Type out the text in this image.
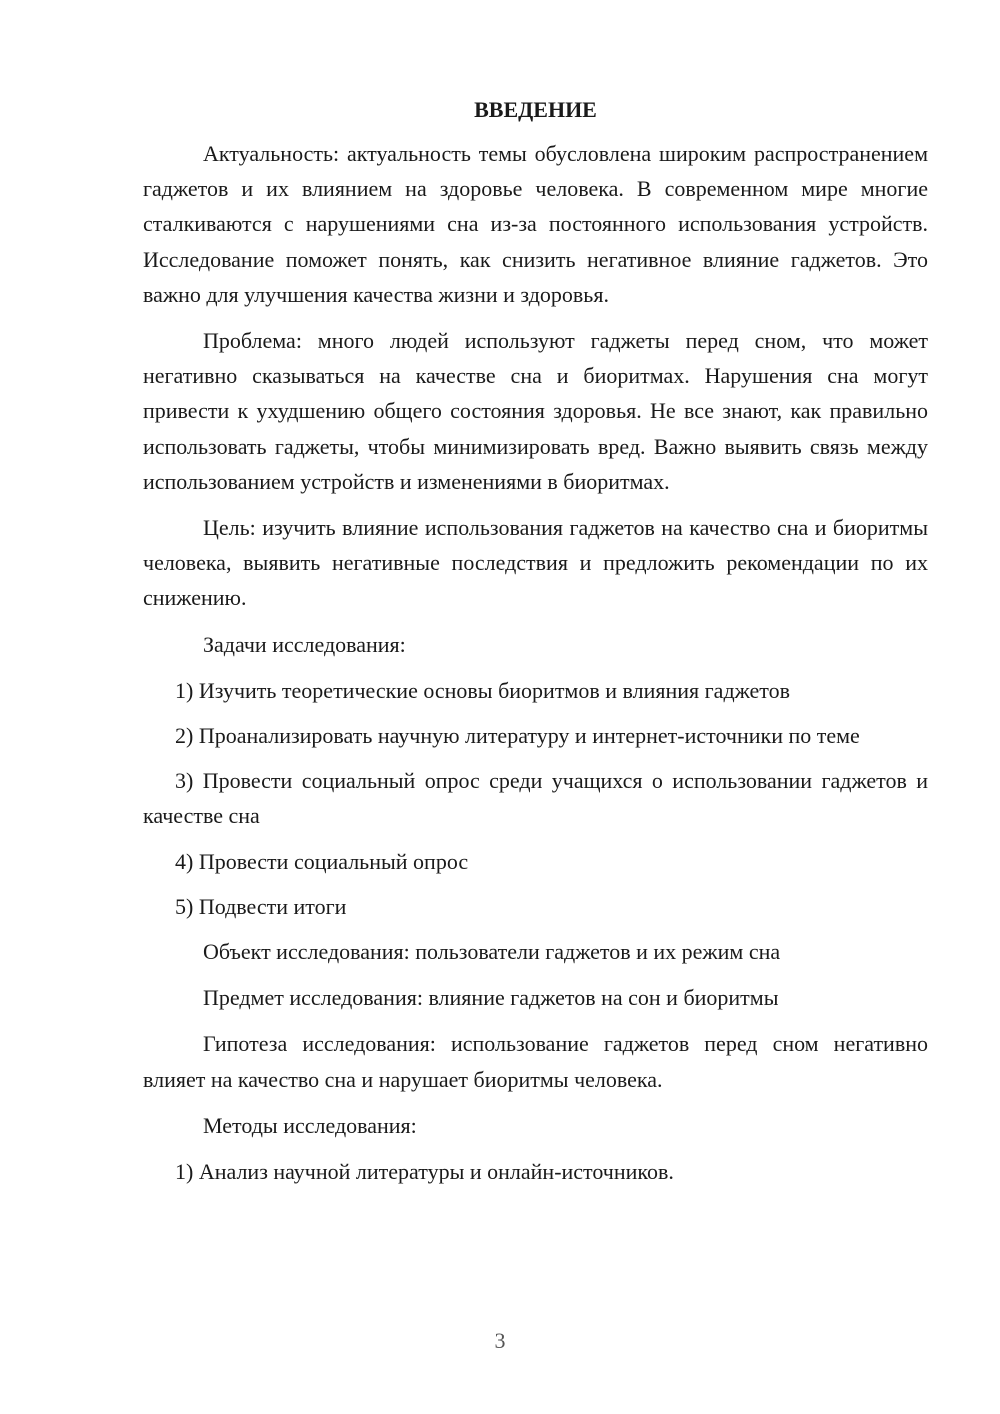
ВВЕДЕНИЕ

Актуальность: актуальность темы обусловлена широким распространением гаджетов и их влиянием на здоровье человека. В современном мире многие сталкиваются с нарушениями сна из-за постоянного использования устройств. Исследование поможет понять, как снизить негативное влияние гаджетов. Это важно для улучшения качества жизни и здоровья.

Проблема: много людей используют гаджеты перед сном, что может негативно сказываться на качестве сна и биоритмах. Нарушения сна могут привести к ухудшению общего состояния здоровья. Не все знают, как правильно использовать гаджеты, чтобы минимизировать вред. Важно выявить связь между использованием устройств и изменениями в биоритмах.

Цель: изучить влияние использования гаджетов на качество сна и биоритмы человека, выявить негативные последствия и предложить рекомендации по их снижению.

Задачи исследования:

1) Изучить теоретические основы биоритмов и влияния гаджетов

2) Проанализировать научную литературу и интернет-источники по теме

3) Провести социальный опрос среди учащихся о использовании гаджетов и качестве сна

4) Провести социальный опрос

5) Подвести итоги

Объект исследования: пользователи гаджетов и их режим сна

Предмет исследования: влияние гаджетов на сон и биоритмы

Гипотеза исследования: использование гаджетов перед сном негативно влияет на качество сна и нарушает биоритмы человека.

Методы исследования:

1) Анализ научной литературы и онлайн-источников.

3
